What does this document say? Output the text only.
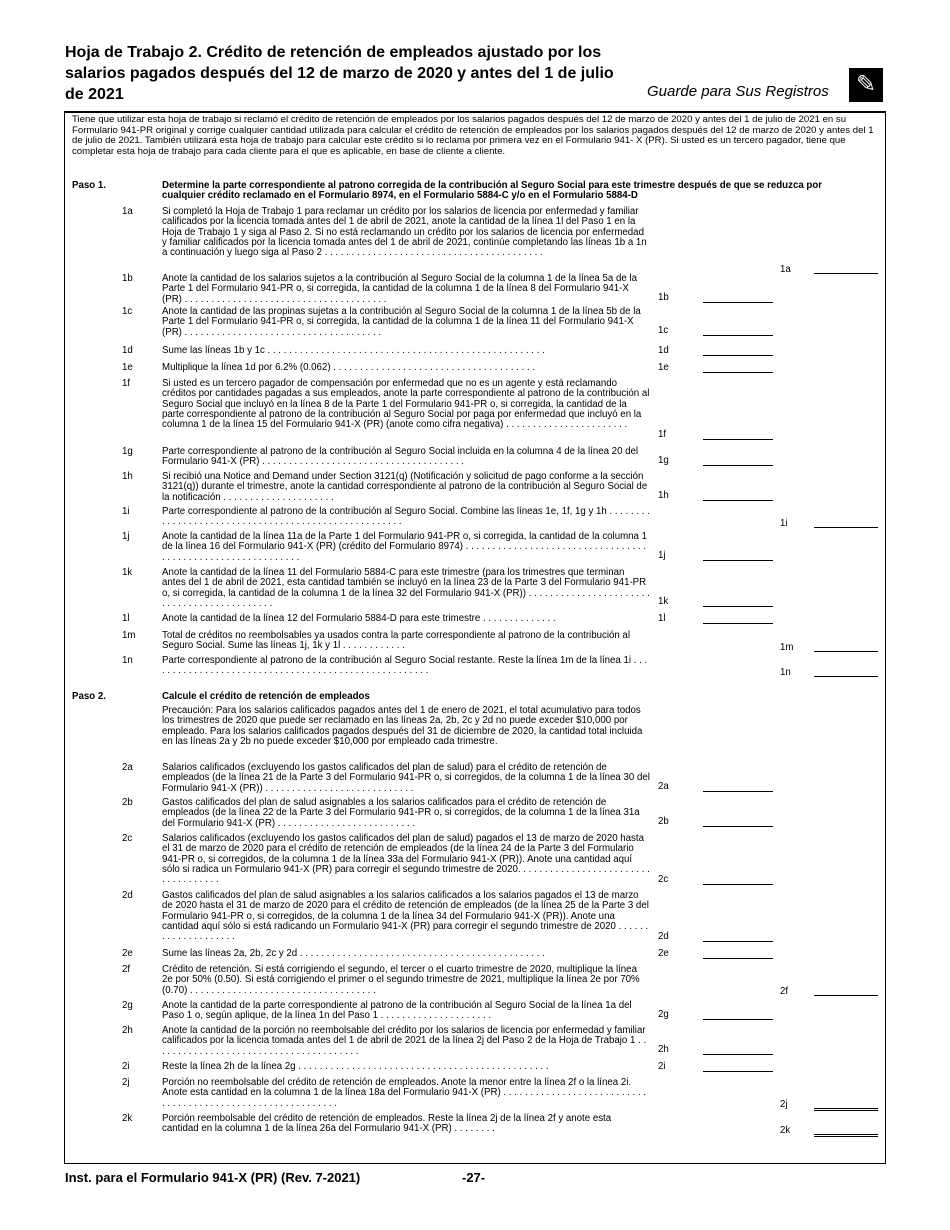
Hoja de Trabajo 2. Crédito de retención de empleados ajustado por los salarios pagados después del 12 de marzo de 2020 y antes del 1 de julio de 2021	Guarde para Sus Registros ✎
Tiene que utilizar esta hoja de trabajo si reclamó el crédito de retención de empleados por los salarios pagados después del 12 de marzo de 2020 y antes del 1 de julio de 2021 en su Formulario 941-PR original y corrige cualquier cantidad utilizada para calcular el crédito de retención de empleados por los salarios pagados después del 12 de marzo de 2020 y antes del 1 de julio de 2021. También utilizará esta hoja de trabajo para calcular este crédito si lo reclama por primera vez en el Formulario 941- X (PR). Si usted es un tercero pagador, tiene que completar esta hoja de trabajo para cada cliente para el que es aplicable, en base de cliente a cliente.
Paso 1.	Determine la parte correspondiente al patrono corregida de la contribución al Seguro Social para este trimestre después de que se reduzca por cualquier crédito reclamado en el Formulario 8974, en el Formulario 5884-C y/o en el Formulario 5884-D
1a	Si completó la Hoja de Trabajo 1 para reclamar un crédito por los salarios de licencia por enfermedad y familiar calificados por la licencia tomada antes del 1 de abril de 2021, anote la cantidad de la línea 1l del Paso 1 en la Hoja de Trabajo 1 y siga al Paso 2. Si no está reclamando un crédito por los salarios de licencia por enfermedad y familiar calificados por la licencia tomada antes del 1 de abril de 2021, continúe completando las líneas 1b a 1n a continuación y luego siga al Paso 2 . . . . . . . . . . . . . . . . . . . . . . . . . . . . . . . . . . . . . . . . .
1a
1b	Anote la cantidad de los salarios sujetos a la contribución al Seguro Social de la columna 1 de la línea 5a de la Parte 1 del Formulario 941-PR o, si corregida, la cantidad de la columna 1 de la línea 8 del Formulario 941-X (PR) . . . . . . . . . . . . . . . . . . . . . . . . . . . . . . . . . . . . . .	1b
1c	Anote la cantidad de las propinas sujetas a la contribución al Seguro Social de la columna 1 de la línea 5b de la Parte 1 del Formulario 941-PR o, si corregida, la cantidad de la columna 1 de la línea 11 del Formulario 941-X (PR) . . . . . . . . . . . . . . . . . . . . . . . . . . . . . . . . . . . . .	1c
1d	Sume las líneas 1b y 1c . . . . . . . . . . . . . . . . . . . . . . . . . . . . . . . . . . . . . . . . . . . . . . . . . . . .	1d
1e	Multiplique la línea 1d por 6.2% (0.062) . . . . . . . . . . . . . . . . . . . . . . . . . . . . . . . . . . . . . .	1e
1f	Si usted es un tercero pagador de compensación por enfermedad que no es un agente y está reclamando créditos por cantidades pagadas a sus empleados, anote la parte correspondiente al patrono de la contribución al Seguro Social que incluyó en la línea 8 de la Parte 1 del Formulario 941-PR o, si corregida, la cantidad de la parte correspondiente al patrono de la contribución al Seguro Social por paga por enfermedad que incluyó en la columna 1 de la línea 15 del Formulario 941-X (PR) (anote como cifra negativa) . . . . . . . . . . . . . . . . . . . . . . .
1f
1g	Parte correspondiente al patrono de la contribución al Seguro Social incluida en la columna 4 de la línea 20 del Formulario 941-X (PR) . . . . . . . . . . . . . . . . . . . . . . . . . . . . . . . . . . . . . .	1g
1h	Si recibió una Notice and Demand under Section 3121(q) (Notificación y solicitud de pago conforme a la sección 3121(q)) durante el trimestre, anote la cantidad correspondiente al patrono de la contribución al Seguro Social de la notificación . . . . . . . . . . . . . . . . . . . . .	1h
1i	Parte correspondiente al patrono de la contribución al Seguro Social. Combine las líneas 1e, 1f, 1g y 1h . . . . . . . . . . . . . . . . . . . . . . . . . . . . . . . . . . . . . . . . . . . . . . . . . . . . .	1i
1j	Anote la cantidad de la línea 11a de la Parte 1 del Formulario 941-PR o, si corregida, la cantidad de la columna 1 de la línea 16 del Formulario 941-X (PR) (crédito del Formulario 8974) . . . . . . . . . . . . . . . . . . . . . . . . . . . . . . . . . . . . . . . . . . . . . . . . . . . . . . . . . . . .	1j
1k	Anote la cantidad de la línea 11 del Formulario 5884-C para este trimestre (para los trimestres que terminan antes del 1 de abril de 2021, esta cantidad también se incluyó en la línea 23 de la Parte 3 del Formulario 941-PR o, si corregida, la cantidad de la columna 1 de la línea 32 del Formulario 941-X (PR)) . . . . . . . . . . . . . . . . . . . . . . . . . . . . . . . . . . . . . . . . . . . .	1k
1l	Anote la cantidad de la línea 12 del Formulario 5884-D para este trimestre . . . . . . . . . . . . . .	1l
1m	Total de créditos no reembolsables ya usados contra la parte correspondiente al patrono de la contribución al Seguro Social. Sume las líneas 1j, 1k y 1l . . . . . . . . . . . .	1m
1n	Parte correspondiente al patrono de la contribución al Seguro Social restante. Reste la línea 1m de la línea 1i . . . . . . . . . . . . . . . . . . . . . . . . . . . . . . . . . . . . . . . . . . . . . . . . . . . . .	1n
Paso 2.	Calcule el crédito de retención de empleados
Precaución: Para los salarios calificados pagados antes del 1 de enero de 2021, el total acumulativo para todos los trimestres de 2020 que puede ser reclamado en las líneas 2a, 2b, 2c y 2d no puede exceder $10,000 por empleado. Para los salarios calificados pagados después del 31 de diciembre de 2020, la cantidad total incluida en las líneas 2a y 2b no puede exceder $10,000 por empleado cada trimestre.
2a	Salarios calificados (excluyendo los gastos calificados del plan de salud) para el crédito de retención de empleados (de la línea 21 de la Parte 3 del Formulario 941-PR o, si corregidos, de la columna 1 de la línea 30 del Formulario 941-X (PR)) . . . . . . . . . . . . . . . . . . . . . . . . . . . .	2a
2b	Gastos calificados del plan de salud asignables a los salarios calificados para el crédito de retención de empleados (de la línea 22 de la Parte 3 del Formulario 941-PR o, si corregidos, de la columna 1 de la línea 31a del Formulario 941-X (PR) . . . . . . . . . . . . . . . . . . . . . . . . . .	2b
2c	Salarios calificados (excluyendo los gastos calificados del plan de salud) pagados el 13 de marzo de 2020 hasta el 31 de marzo de 2020 para el crédito de retención de empleados (de la línea 24 de la Parte 3 del Formulario 941-PR o, si corregidos, de la columna 1 de la línea 33a del Formulario 941-X (PR)). Anote una cantidad aquí sólo si radica un Formulario 941-X (PR) para corregir el segundo trimestre de 2020. . . . . . . . . . . . . . . . . . . . . . . . . . . . . . . . . . . .	2c
2d	Gastos calificados del plan de salud asignables a los salarios calificados a los salarios pagados el 13 de marzo de 2020 hasta el 31 de marzo de 2020 para el crédito de retención de empleados (de la línea 25 de la Parte 3 del Formulario 941-PR o, si corregidos, de la columna 1 de la línea 34 del Formulario 941-X (PR)). Anote una cantidad aquí sólo si está radicando un Formulario 941-X (PR) para corregir el segundo trimestre de 2020 . . . . . . . . . . . . . . . . . . . .	2d
2e	Sume las líneas 2a, 2b, 2c y 2d . . . . . . . . . . . . . . . . . . . . . . . . . . . . . . . . . . . . . . . . . . . . . .	2e
2f	Crédito de retención. Si está corrigiendo el segundo, el tercer o el cuarto trimestre de 2020, multiplique la línea 2e por 50% (0.50). Si está corrigiendo el primer o el segundo trimestre de 2021, multiplique la línea 2e por 70% (0.70) . . . . . . . . . . . . . . . . . . . . . . . . . . . . . . . . . . .	2f
2g	Anote la cantidad de la parte correspondiente al patrono de la contribución al Seguro Social de la línea 1a del Paso 1 o, según aplique, de la línea 1n del Paso 1 . . . . . . . . . . . . . . . . . . . . .	2g
2h	Anote la cantidad de la porción no reembolsable del crédito por los salarios de licencia por enfermedad y familiar calificados por la licencia tomada antes del 1 de abril de 2021 de la línea 2j del Paso 2 de la Hoja de Trabajo 1 . . . . . . . . . . . . . . . . . . . . . . . . . . . . . . . . . . . . . . .	2h
2i	Reste la línea 2h de la línea 2g . . . . . . . . . . . . . . . . . . . . . . . . . . . . . . . . . . . . . . . . . . . . . . .	2i
2j	Porción no reembolsable del crédito de retención de empleados. Anote la menor entre la línea 2f o la línea 2i. Anote esta cantidad en la columna 1 de la línea 18a del Formulario 941-X (PR) . . . . . . . . . . . . . . . . . . . . . . . . . . . . . . . . . . . . . . . . . . . . . . . . . . . . . . . . . . . .	2j
2k	Porción reembolsable del crédito de retención de empleados. Reste la línea 2j de la línea 2f y anote esta cantidad en la columna 1 de la línea 26a del Formulario 941-X (PR) . . . . . . . .	2k
Inst. para el Formulario 941-X (PR) (Rev. 7-2021)	-27-
